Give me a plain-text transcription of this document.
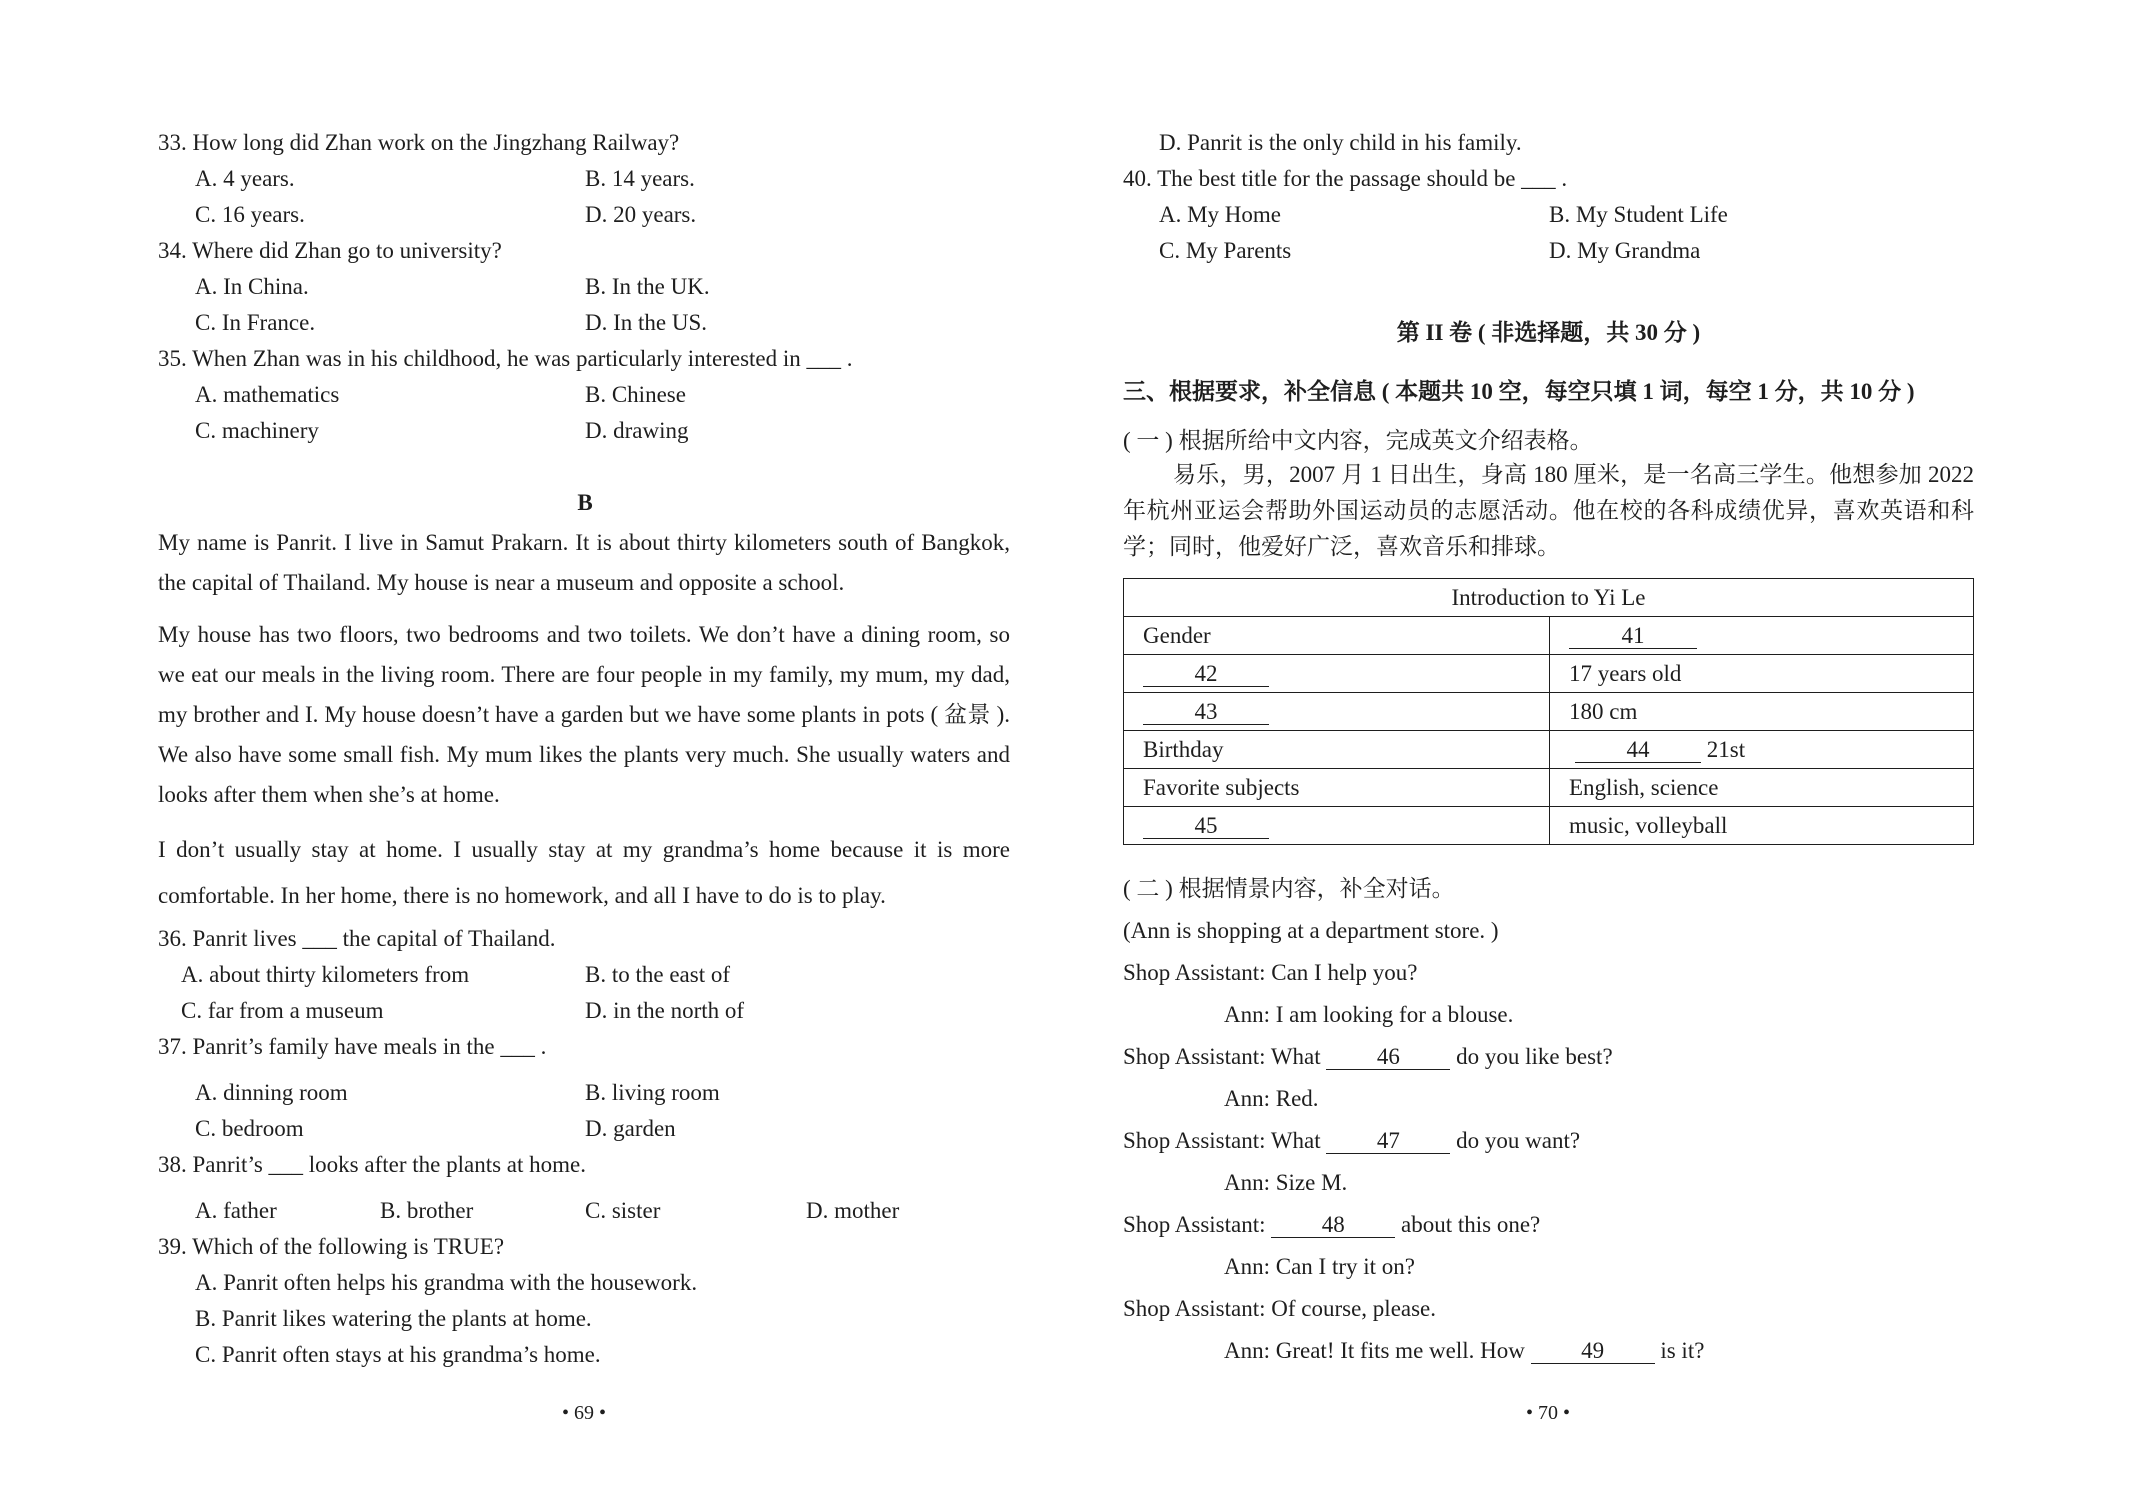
33. How long did Zhan work on the Jingzhang Railway?
A. 4 years.	B. 14 years.
C. 16 years.	D. 20 years.
34. Where did Zhan go to university?
A. In China.	B. In the UK.
C. In France.	D. In the US.
35. When Zhan was in his childhood, he was particularly interested in ___ .
A. mathematics	B. Chinese
C. machinery	D. drawing
B
My name is Panrit. I live in Samut Prakarn. It is about thirty kilometers south of Bangkok, the capital of Thailand. My house is near a museum and opposite a school.
My house has two floors, two bedrooms and two toilets. We don’t have a dining room, so we eat our meals in the living room. There are four people in my family, my mum, my dad, my brother and I. My house doesn’t have a garden but we have some plants in pots ( 盆景 ). We also have some small fish. My mum likes the plants very much. She usually waters and looks after them when she’s at home.
I don’t usually stay at home. I usually stay at my grandma’s home because it is more comfortable. In her home, there is no homework, and all I have to do is to play.
36. Panrit lives ___ the capital of Thailand.
A. about thirty kilometers from	B. to the east of
C. far from a museum	D. in the north of
37. Panrit’s family have meals in the ___ .
A. dinning room	B. living room
C. bedroom	D. garden
38. Panrit’s ___ looks after the plants at home.
A. father	B. brother	C. sister	D. mother
39. Which of the following is TRUE?
A. Panrit often helps his grandma with the housework.
B. Panrit likes watering the plants at home.
C. Panrit often stays at his grandma’s home.
• 69 •
D. Panrit is the only child in his family.
40. The best title for the passage should be ___ .
A. My Home	B. My Student Life
C. My Parents	D. My Grandma
第 II 卷 ( 非选择题，共 30 分 )
三、根据要求，补全信息 ( 本题共 10 空，每空只填 1 词，每空 1 分，共 10 分 )
( 一 ) 根据所给中文内容，完成英文介绍表格。
易乐，男，2007 月 1 日出生，身高 180 厘米，是一名高三学生。他想参加 2022 年杭州亚运会帮助外国运动员的志愿活动。他在校的各科成绩优异，喜欢英语和科学；同时，他爱好广泛，喜欢音乐和排球。
Introduction to Yi Le	
Gender	41
42	17 years old
43	180 cm
Birthday	44 21st
Favorite subjects	English, science
45	music, volleyball
( 二 ) 根据情景内容，补全对话。
(Ann is shopping at a department store. )
Shop Assistant: Can I help you?
Ann: I am looking for a blouse.
Shop Assistant: What 46 do you like best?
Ann: Red.
Shop Assistant: What 47 do you want?
Ann: Size M.
Shop Assistant: 48 about this one?
Ann: Can I try it on?
Shop Assistant: Of course, please.
Ann: Great! It fits me well. How 49 is it?
• 70 •
